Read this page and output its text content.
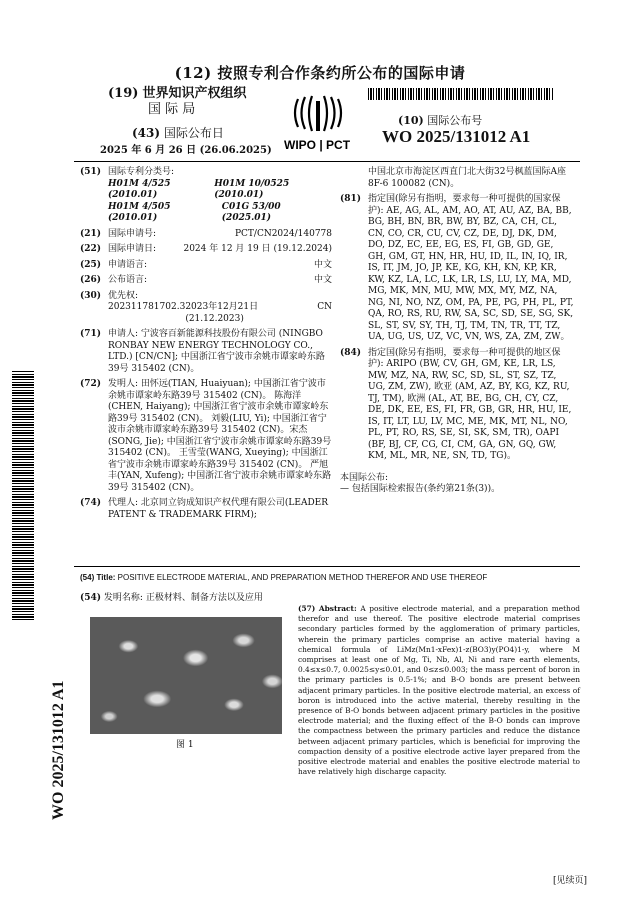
(12) 按照专利合作条约所公布的国际申请
(19) 世界知识产权组织
国 际 局
(43) 国际公布日
2025 年 6 月 26 日 (26.06.2025) WIPO | PCT
(10) 国际公布号
WO 2025/131012 A1
WO 2025/131012 A1
(51) 国际专利分类号:
H01M 4/525 (2010.01)
H01M 10/0525 (2010.01)
H01M 4/505 (2010.01)
C01G 53/00 (2025.01)
(21) 国际申请号:	PCT/CN2024/140778
(22) 国际申请日:	2024 年 12 月 19 日 (19.12.2024)
(25) 申请语言:	中文
(26) 公布语言:	中文
(30) 优先权:
202311781702.3 2023年12月21日 (21.12.2023)
CN
(71) 申请人: 宁波容百新能源科技股份有限公司 (NINGBO RONBAY NEW ENERGY TECHNOLOGY CO., LTD.) [CN/CN]; 中国浙江省宁波市余姚市谭家岭东路39号 315402 (CN)。
(72) 发明人: 田怀远(TIAN, Huaiyuan); 中国浙江省宁波市余姚市谭家岭东路39号 315402 (CN)。 陈海洋(CHEN, Haiyang); 中国浙江省宁波市余姚市谭家岭东路39号 315402 (CN)。 刘毅(LIU, Yi); 中国浙江省宁波市余姚市谭家岭东路39号 315402 (CN)。宋杰(SONG, Jie); 中国浙江省宁波市余姚市谭家岭东路39号 315402 (CN)。 王雪莹(WANG, Xueying); 中国浙江省宁波市余姚市谭家岭东路39号 315402 (CN)。 严旭丰(YAN, Xufeng); 中国浙江省宁波市余姚市谭家岭东路39号 315402 (CN)。
(74) 代理人: 北京同立钧成知识产权代理有限公司(LEADER PATENT & TRADEMARK FIRM);
中国北京市海淀区西直门北大街32号枫蓝国际A座8F-6 100082 (CN)。
(81) 指定国(除另有指明，要求每一种可提供的国家保护): AE, AG, AL, AM, AO, AT, AU, AZ, BA, BB, BG, BH, BN, BR, BW, BY, BZ, CA, CH, CL, CN, CO, CR, CU, CV, CZ, DE, DJ, DK, DM, DO, DZ, EC, EE, EG, ES, FI, GB, GD, GE, GH, GM, GT, HN, HR, HU, ID, IL, IN, IQ, IR, IS, IT, JM, JO, JP, KE, KG, KH, KN, KP, KR, KW, KZ, LA, LC, LK, LR, LS, LU, LY, MA, MD, MG, MK, MN, MU, MW, MX, MY, MZ, NA, NG, NI, NO, NZ, OM, PA, PE, PG, PH, PL, PT, QA, RO, RS, RU, RW, SA, SC, SD, SE, SG, SK, SL, ST, SV, SY, TH, TJ, TM, TN, TR, TT, TZ, UA, UG, US, UZ, VC, VN, WS, ZA, ZM, ZW。
(84) 指定国(除另有指明，要求每一种可提供的地区保护): ARIPO (BW, CV, GH, GM, KE, LR, LS, MW, MZ, NA, RW, SC, SD, SL, ST, SZ, TZ, UG, ZM, ZW), 欧亚 (AM, AZ, BY, KG, KZ, RU, TJ, TM), 欧洲 (AL, AT, BE, BG, CH, CY, CZ, DE, DK, EE, ES, FI, FR, GB, GR, HR, HU, IE, IS, IT, LT, LU, LV, MC, ME, MK, MT, NL, NO, PL, PT, RO, RS, SE, SI, SK, SM, TR), OAPI (BF, BJ, CF, CG, CI, CM, GA, GN, GQ, GW, KM, ML, MR, NE, SN, TD, TG)。
本国际公布:
— 包括国际检索报告(条约第21条(3))。
(54) Title: POSITIVE ELECTRODE MATERIAL, AND PREPARATION METHOD THEREFOR AND USE THEREOF
(54) 发明名称: 正极材料、制备方法以及应用
图 1
(57) Abstract: A positive electrode material, and a preparation method therefor and use thereof. The positive electrode material comprises secondary particles formed by the agglomeration of primary particles, wherein the primary particles comprise an active material having a chemical formula of LiMz(Mn1-xFex)1-z(BO3)y(PO4)1-y, where M comprises at least one of Mg, Ti, Nb, Al, Ni and rare earth elements, 0.4≤x≤0.7, 0.0025≤y≤0.01, and 0≤z≤0.003; the mass percent of boron in the primary particles is 0.5-1%; and B-O bonds are present between adjacent primary particles. In the positive electrode material, an excess of boron is introduced into the active material, thereby resulting in the presence of B-O bonds between adjacent primary particles in the positive electrode material; and the fluxing effect of the B-O bonds can improve the compactness between the primary particles and reduce the distance between adjacent primary particles, which is beneficial for improving the compaction density of a positive electrode active layer prepared from the positive electrode material and enables the positive electrode material to have relatively high discharge capacity.
[见续页]
